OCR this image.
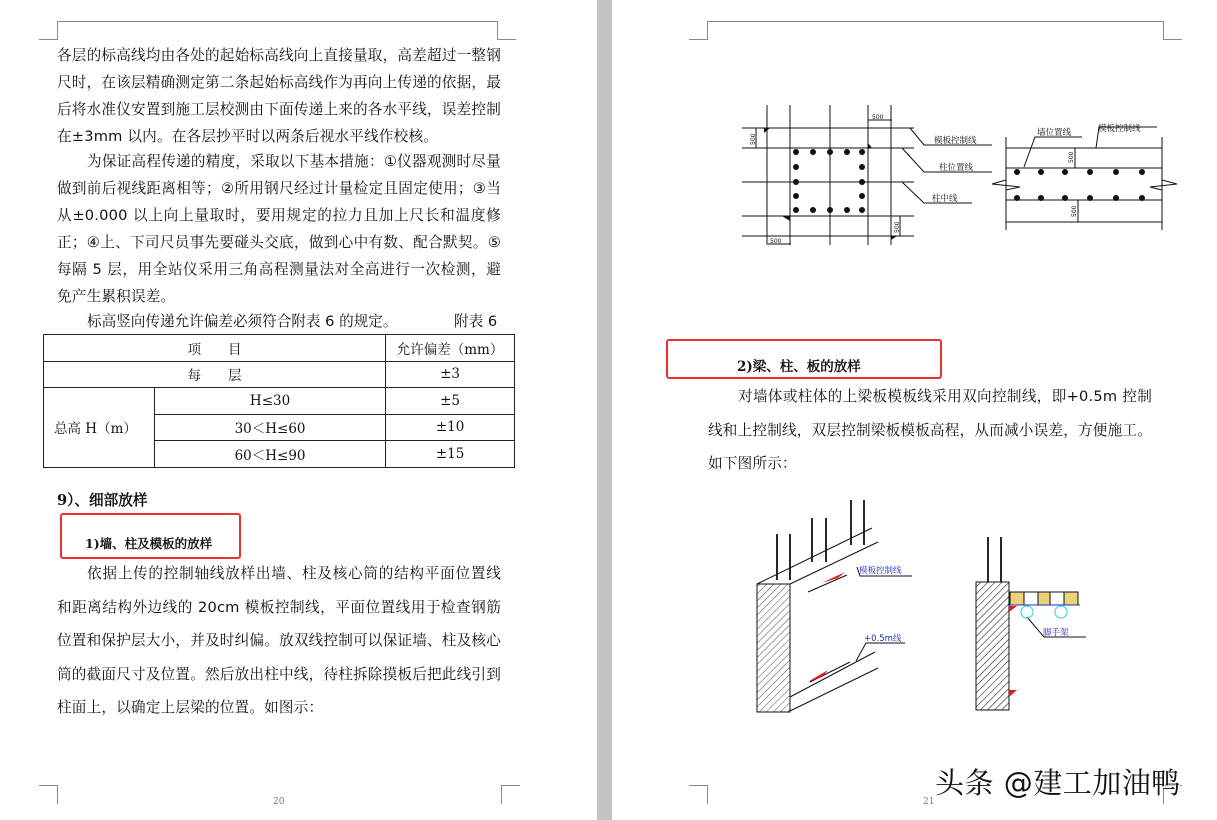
各层的标高线均由各处的起始标高线向上直接量取，高差超过一整钢尺时，在该层精确测定第二条起始标高线作为再向上传递的依据，最后将水准仪安置到施工层校测由下面传递上来的各水平线，误差控制在±3mm 以内。在各层抄平时以两条后视水平线作校核。

为保证高程传递的精度，采取以下基本措施：①仪器观测时尽量做到前后视线距离相等；②所用钢尺经过计量检定且固定使用；③当从±0.000 以上向上量取时，要用规定的拉力且加上尺长和温度修正；④上、下司尺员事先要碰头交底，做到心中有数、配合默契。⑤每隔 5 层，用全站仪采用三角高程测量法对全高进行一次检测，避免产生累积误差。

标高竖向传递允许偏差必须符合附表 6 的规定。	附表 6
项　　目		允许偏差（mm）
每　　层		±3
总高 H（m）	H≤30	±5
	30＜H≤60	±10
	60＜H≤90	±15
9）、细部放样
1)墙、柱及模板的放样

依据上传的控制轴线放样出墙、柱及核心筒的结构平面位置线和距离结构外边线的 20cm 模板控制线，平面位置线用于检查钢筋位置和保护层大小，并及时纠偏。放双线控制可以保证墙、柱及核心筒的截面尺寸及位置。然后放出柱中线，待柱拆除摸板后把此线引到柱面上，以确定上层梁的位置。如图示：

20
500
500
500
500
模板控制线
柱位置线
柱中线
500
500
墙位置线	模板控制线
2)梁、柱、板的放样

对墙体或柱体的上梁板模板线采用双向控制线，即+0.5m 控制线和上控制线，双层控制梁板模板高程，从而减小误差，方便施工。如下图所示：

模板控制线
+0.5m线
脚手架
21
头条 @建工加油鸭
